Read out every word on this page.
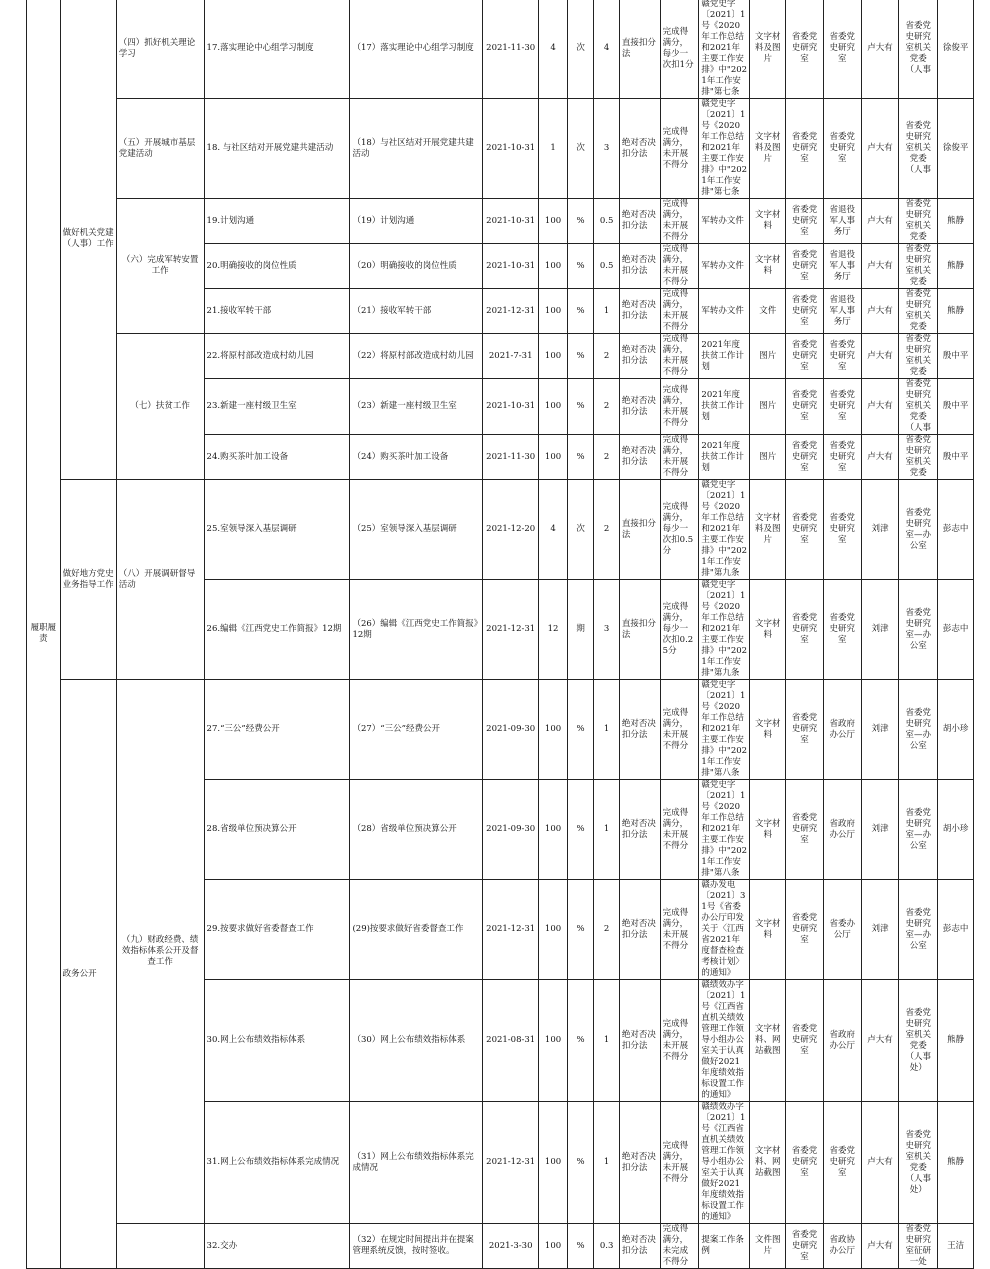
履职履责	做好机关党建（人事）工作	（四）抓好机关理论学习	17.落实理论中心组学习制度	（17）落实理论中心组学习制度	2021-11-30	4	次	4	直接扣分法	完成得满分，每少一次扣1分	赣党史字〔2021〕1号《2020年工作总结和2021年主要工作安排》中"2021年工作安排"第七条	文字材料及图片	省委党史研究室	省委党史研究室	卢大有	省委党史研究室机关党委（人事	徐俊平
		（五）开展城市基层党建活动	18. 与社区结对开展党建共建活动	（18）与社区结对开展党建共建活动	2021-10-31	1	次	3	绝对否决扣分法	完成得满分，未开展不得分	赣党史字〔2021〕1号《2020年工作总结和2021年主要工作安排》中"2021年工作安排"第七条	文字材料及图片	省委党史研究室	省委党史研究室	卢大有	省委党史研究室机关党委（人事	徐俊平
		（六）完成军转安置工作	19.计划沟通	（19）计划沟通	2021-10-31	100	%	0.5	绝对否决扣分法	完成得满分，未开展不得分	军转办文件	文字材料	省委党史研究室	省退役军人事务厅	卢大有	省委党史研究室机关党委	熊静
			20.明确接收的岗位性质	（20）明确接收的岗位性质	2021-10-31	100	%	0.5	绝对否决扣分法	完成得满分，未开展不得分	军转办文件	文字材料	省委党史研究室	省退役军人事务厅	卢大有	省委党史研究室机关党委	熊静
			21.接收军转干部	（21）接收军转干部	2021-12-31	100	%	1	绝对否决扣分法	完成得满分，未开展不得分	军转办文件	文件	省委党史研究室	省退役军人事务厅	卢大有	省委党史研究室机关党委	熊静
		（七）扶贫工作	22.将原村部改造成村幼儿园	（22）将原村部改造成村幼儿园	2021-7-31	100	%	2	绝对否决扣分法	完成得满分，未开展不得分	2021年度扶贫工作计划	图片	省委党史研究室	省委党史研究室	卢大有	省委党史研究室机关党委	殷中平
			23.新建一座村级卫生室	（23）新建一座村级卫生室	2021-10-31	100	%	2	绝对否决扣分法	完成得满分，未开展不得分	2021年度扶贫工作计划	图片	省委党史研究室	省委党史研究室	卢大有	省委党史研究室机关党委（人事	殷中平
			24.购买茶叶加工设备	（24）购买茶叶加工设备	2021-11-30	100	%	2	绝对否决扣分法	完成得满分，未开展不得分	2021年度扶贫工作计划	图片	省委党史研究室	省委党史研究室	卢大有	省委党史研究室机关党委	殷中平
	做好地方党史业务指导工作	（八）开展调研督导活动	25.室领导深入基层调研	（25）室领导深入基层调研	2021-12-20	4	次	2	直接扣分法	完成得满分，每少一次扣0.5分	赣党史字〔2021〕1号《2020年工作总结和2021年主要工作安排》中"2021年工作安排"第九条	文字材料及图片	省委党史研究室	省委党史研究室	刘津	省委党史研究室—办公室	彭志中
			26.编辑《江西党史工作简报》12期	（26）编辑《江西党史工作简报》12期	2021-12-31	12	期	3	直接扣分法	完成得满分，每少一次扣0.25分	赣党史字〔2021〕1号《2020年工作总结和2021年主要工作安排》中"2021年工作安排"第九条	文字材料	省委党史研究室	省委党史研究室	刘津	省委党史研究室—办公室	彭志中
	政务公开	（九）财政经费、绩效指标体系公开及督查工作	27.“三公”经费公开	（27）“三公”经费公开	2021-09-30	100	%	1	绝对否决扣分法	完成得满分，未开展不得分	赣党史字〔2021〕1号《2020年工作总结和2021年主要工作安排》中"2021年工作安排"第八条	文字材料	省委党史研究室	省政府办公厅	刘津	省委党史研究室—办公室	胡小珍
			28.省级单位预决算公开	（28）省级单位预决算公开	2021-09-30	100	%	1	绝对否决扣分法	完成得满分，未开展不得分	赣党史字〔2021〕1号《2020年工作总结和2021年主要工作安排》中"2021年工作安排"第八条	文字材料	省委党史研究室	省政府办公厅	刘津	省委党史研究室—办公室	胡小珍
			29.按要求做好省委督查工作	(29)按要求做好省委督查工作	2021-12-31	100	%	2	绝对否决扣分法	完成得满分，未开展不得分	赣办发电〔2021〕31号《省委办公厅印发关于〈江西省2021年度督查检查考核计划〉的通知》	文字材料	省委党史研究室	省委办公厅	刘津	省委党史研究室—办公室	彭志中
			30.网上公布绩效指标体系	（30）网上公布绩效指标体系	2021-08-31	100	%	1	绝对否决扣分法	完成得满分，未开展不得分	赣绩效办字〔2021〕1号《江西省直机关绩效管理工作领导小组办公室关于认真做好2021年度绩效指标设置工作的通知》	文字材料、网站截图	省委党史研究室	省政府办公厅	卢大有	省委党史研究室机关党委（人事处）	熊静
			31.网上公布绩效指标体系完成情况	（31）网上公布绩效指标体系完成情况	2021-12-31	100	%	1	绝对否决扣分法	完成得满分，未开展不得分	赣绩效办字〔2021〕1号《江西省直机关绩效管理工作领导小组办公室关于认真做好2021年度绩效指标设置工作的通知》	文字材料、网站截图	省委党史研究室	省委党史研究室	卢大有	省委党史研究室机关党委（人事处）	熊静
			32.交办	（32）在规定时间提出并在提案管理系统反馈，按时签收。	2021-3-30	100	%	0.3	绝对否决扣分法	完成得满分，未完成不得分	提案工作条例	文件图片	省委党史研究室	省政协办公厅	卢大有	省委党史研究室征研一处	王洁
